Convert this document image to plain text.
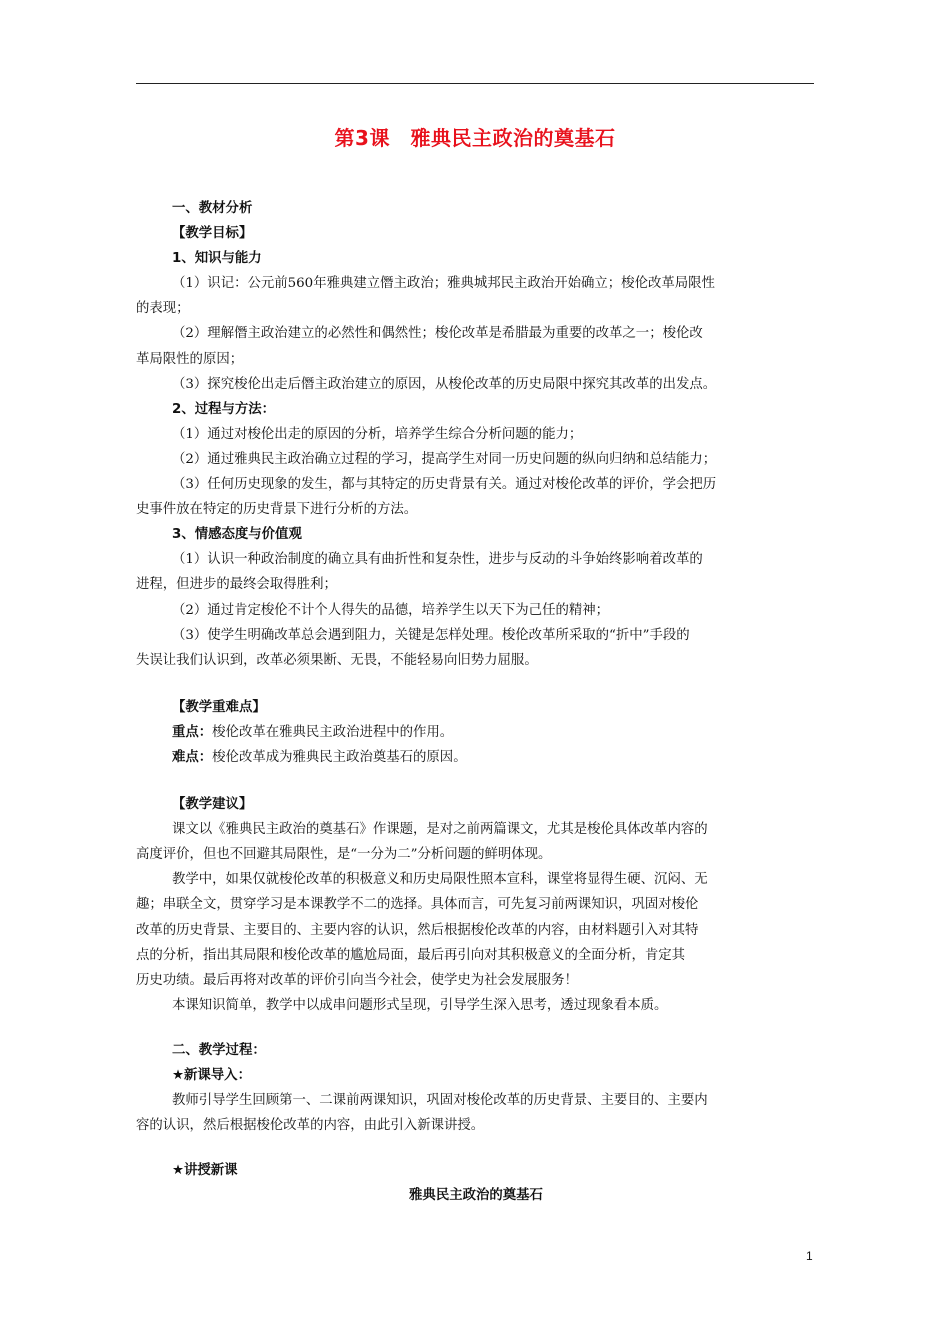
第3课　雅典民主政治的奠基石
一、教材分析
【教学目标】
1、知识与能力
（1）识记：公元前560年雅典建立僭主政治；雅典城邦民主政治开始确立；梭伦改革局限性
的表现；
（2）理解僭主政治建立的必然性和偶然性；梭伦改革是希腊最为重要的改革之一；梭伦改
革局限性的原因；
（3）探究梭伦出走后僭主政治建立的原因，从梭伦改革的历史局限中探究其改革的出发点。
2、过程与方法：
（1）通过对梭伦出走的原因的分析，培养学生综合分析问题的能力；
（2）通过雅典民主政治确立过程的学习，提高学生对同一历史问题的纵向归纳和总结能力；
（3）任何历史现象的发生，都与其特定的历史背景有关。通过对梭伦改革的评价，学会把历
史事件放在特定的历史背景下进行分析的方法。
3、情感态度与价值观
（1）认识一种政治制度的确立具有曲折性和复杂性，进步与反动的斗争始终影响着改革的
进程，但进步的最终会取得胜利；
（2）通过肯定梭伦不计个人得失的品德，培养学生以天下为己任的精神；
（3）使学生明确改革总会遇到阻力，关键是怎样处理。梭伦改革所采取的“折中”手段的
失误让我们认识到，改革必须果断、无畏，不能轻易向旧势力屈服。
【教学重难点】
重点：梭伦改革在雅典民主政治进程中的作用。
难点：梭伦改革成为雅典民主政治奠基石的原因。
【教学建议】
课文以《雅典民主政治的奠基石》作课题，是对之前两篇课文，尤其是梭伦具体改革内容的
高度评价，但也不回避其局限性，是“一分为二”分析问题的鲜明体现。
教学中，如果仅就梭伦改革的积极意义和历史局限性照本宣科，课堂将显得生硬、沉闷、无
趣；串联全文，贯穿学习是本课教学不二的选择。具体而言，可先复习前两课知识，巩固对梭伦
改革的历史背景、主要目的、主要内容的认识，然后根据梭伦改革的内容，由材料题引入对其特
点的分析，指出其局限和梭伦改革的尴尬局面，最后再引向对其积极意义的全面分析，肯定其
历史功绩。最后再将对改革的评价引向当今社会，使学史为社会发展服务！
本课知识简单，教学中以成串问题形式呈现，引导学生深入思考，透过现象看本质。
二、教学过程：
★新课导入：
教师引导学生回顾第一、二课前两课知识，巩固对梭伦改革的历史背景、主要目的、主要内
容的认识，然后根据梭伦改革的内容，由此引入新课讲授。
★讲授新课
雅典民主政治的奠基石
1
